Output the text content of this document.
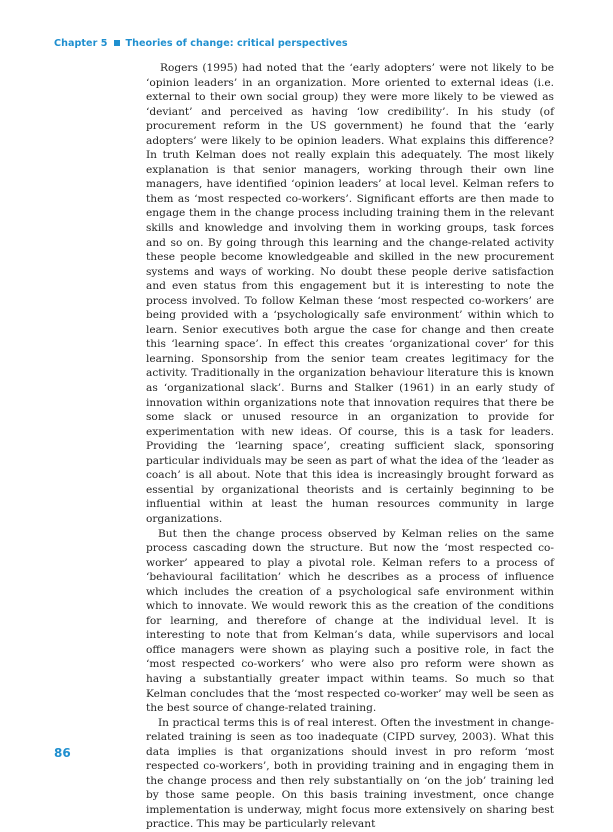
Chapter 5 Theories of change: critical perspectives

Rogers (1995) had noted that the ‘early adopters’ were not likely to be ‘opinion leaders’ in an organization. More oriented to external ideas (i.e. external to their own social group) they were more likely to be viewed as ‘deviant’ and perceived as having ‘low credibility’. In his study (of procurement reform in the US government) he found that the ‘early adopters’ were likely to be opinion leaders. What explains this difference? In truth Kelman does not really explain this adequately. The most likely explanation is that senior managers, working through their own line managers, have identified ‘opinion leaders’ at local level. Kelman refers to them as ‘most respected co-workers’. Significant efforts are then made to engage them in the change process including training them in the relevant skills and knowledge and involving them in working groups, task forces and so on. By going through this learning and the change-related activity these people become knowledgeable and skilled in the new procurement systems and ways of working. No doubt these people derive satisfaction and even status from this engagement but it is interesting to note the process involved. To follow Kelman these ‘most respected co-workers’ are being provided with a ‘psychologically safe environment’ within which to learn. Senior executives both argue the case for change and then create this ‘learning space’. In effect this creates ‘organizational cover’ for this learning. Sponsorship from the senior team creates legitimacy for the activity. Traditionally in the organization behaviour literature this is known as ‘organizational slack’. Burns and Stalker (1961) in an early study of innovation within organizations note that innovation requires that there be some slack or unused resource in an organization to provide for experimentation with new ideas. Of course, this is a task for leaders. Providing the ‘learning space’, creating sufficient slack, sponsoring particular individuals may be seen as part of what the idea of the ‘leader as coach’ is all about. Note that this idea is increasingly brought forward as essential by organizational theorists and is certainly beginning to be influential within at least the human resources community in large organizations.

But then the change process observed by Kelman relies on the same process cascading down the structure. But now the ‘most respected co-worker’ appeared to play a pivotal role. Kelman refers to a process of ‘behavioural facilitation’ which he describes as a process of influence which includes the creation of a psychological safe environment within which to innovate. We would rework this as the creation of the conditions for learning, and therefore of change at the individual level. It is interesting to note that from Kelman’s data, while supervisors and local office managers were shown as playing such a positive role, in fact the ‘most respected co-workers’ who were also pro reform were shown as having a substantially greater impact within teams. So much so that Kelman concludes that the ‘most respected co-worker’ may well be seen as the best source of change-related training.

In practical terms this is of real interest. Often the investment in change-related training is seen as too inadequate (CIPD survey, 2003). What this data implies is that organizations should invest in pro reform ‘most respected co-workers’, both in providing training and in engaging them in the change process and then rely substantially on ‘on the job’ training led by those same people. On this basis training investment, once change implementation is underway, might focus more extensively on sharing best practice. This may be particularly relevant

86
